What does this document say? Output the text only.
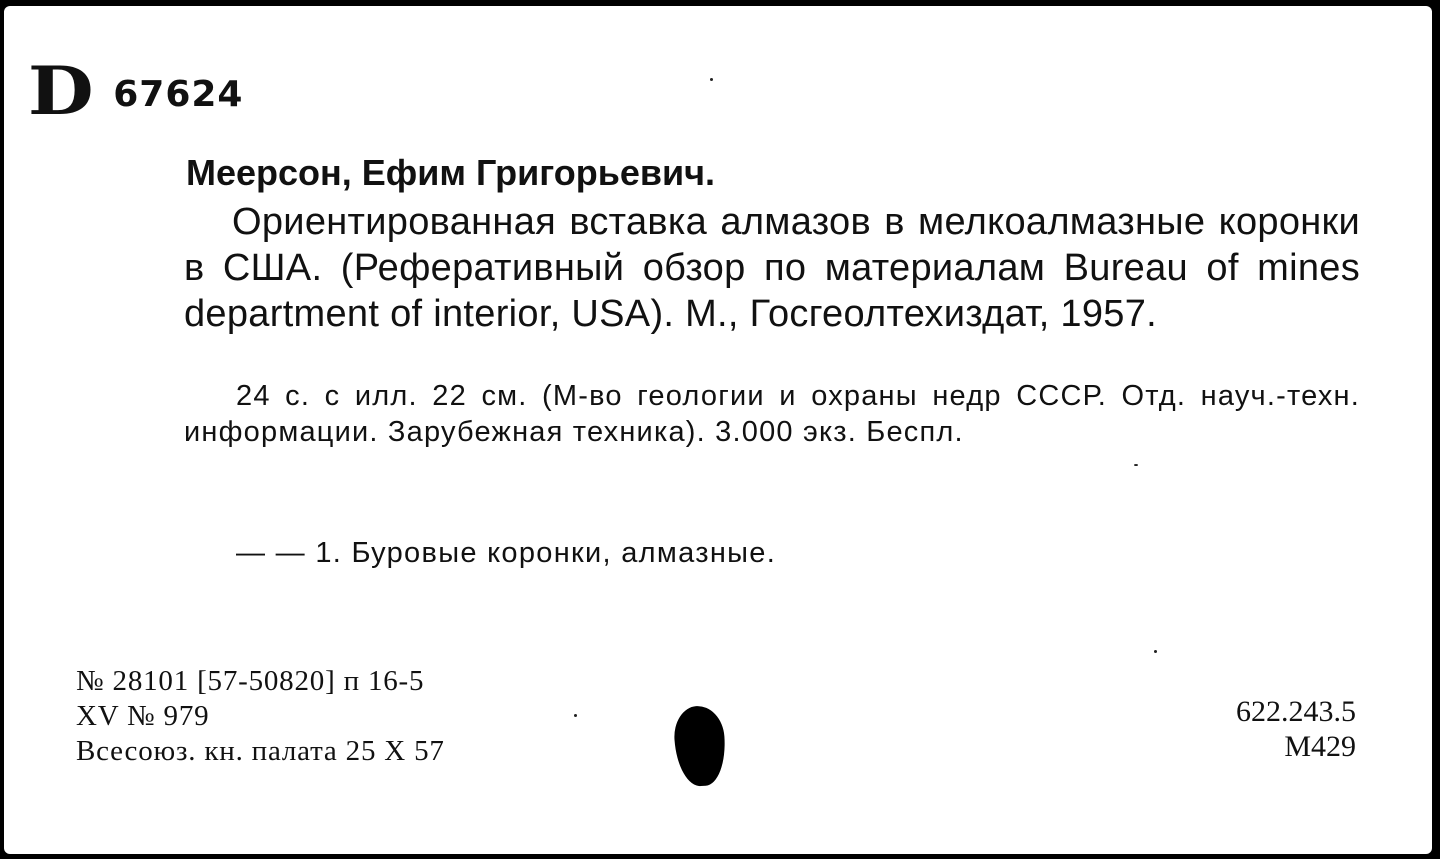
D 67624
Меерсон, Ефим Григорьевич.
Ориентированная вставка алмазов в мелкоалмазные коронки в США. (Реферативный обзор по материалам Bureau of mines department of interior, USA). М., Госгеолтехиздат, 1957.
24 с. с илл. 22 см. (М-во геологии и охраны недр СССР. Отд. науч.-техн. информации. Зарубежная техника). 3.000 экз. Беспл.
— — 1. Буровые коронки, алмазные.
№ 28101 [57-50820] п 16-5
XV № 979
Всесоюз. кн. палата 25 X 57
622.243.5
М429
